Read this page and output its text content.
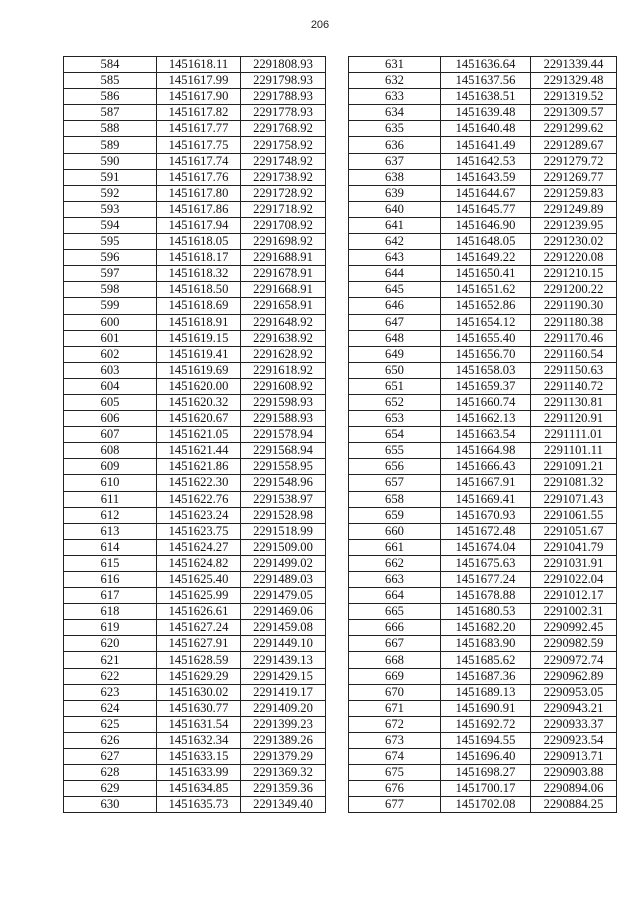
206
584	1451618.11	2291808.93
585	1451617.99	2291798.93
586	1451617.90	2291788.93
587	1451617.82	2291778.93
588	1451617.77	2291768.92
589	1451617.75	2291758.92
590	1451617.74	2291748.92
591	1451617.76	2291738.92
592	1451617.80	2291728.92
593	1451617.86	2291718.92
594	1451617.94	2291708.92
595	1451618.05	2291698.92
596	1451618.17	2291688.91
597	1451618.32	2291678.91
598	1451618.50	2291668.91
599	1451618.69	2291658.91
600	1451618.91	2291648.92
601	1451619.15	2291638.92
602	1451619.41	2291628.92
603	1451619.69	2291618.92
604	1451620.00	2291608.92
605	1451620.32	2291598.93
606	1451620.67	2291588.93
607	1451621.05	2291578.94
608	1451621.44	2291568.94
609	1451621.86	2291558.95
610	1451622.30	2291548.96
611	1451622.76	2291538.97
612	1451623.24	2291528.98
613	1451623.75	2291518.99
614	1451624.27	2291509.00
615	1451624.82	2291499.02
616	1451625.40	2291489.03
617	1451625.99	2291479.05
618	1451626.61	2291469.06
619	1451627.24	2291459.08
620	1451627.91	2291449.10
621	1451628.59	2291439.13
622	1451629.29	2291429.15
623	1451630.02	2291419.17
624	1451630.77	2291409.20
625	1451631.54	2291399.23
626	1451632.34	2291389.26
627	1451633.15	2291379.29
628	1451633.99	2291369.32
629	1451634.85	2291359.36
630	1451635.73	2291349.40
631	1451636.64	2291339.44
632	1451637.56	2291329.48
633	1451638.51	2291319.52
634	1451639.48	2291309.57
635	1451640.48	2291299.62
636	1451641.49	2291289.67
637	1451642.53	2291279.72
638	1451643.59	2291269.77
639	1451644.67	2291259.83
640	1451645.77	2291249.89
641	1451646.90	2291239.95
642	1451648.05	2291230.02
643	1451649.22	2291220.08
644	1451650.41	2291210.15
645	1451651.62	2291200.22
646	1451652.86	2291190.30
647	1451654.12	2291180.38
648	1451655.40	2291170.46
649	1451656.70	2291160.54
650	1451658.03	2291150.63
651	1451659.37	2291140.72
652	1451660.74	2291130.81
653	1451662.13	2291120.91
654	1451663.54	2291111.01
655	1451664.98	2291101.11
656	1451666.43	2291091.21
657	1451667.91	2291081.32
658	1451669.41	2291071.43
659	1451670.93	2291061.55
660	1451672.48	2291051.67
661	1451674.04	2291041.79
662	1451675.63	2291031.91
663	1451677.24	2291022.04
664	1451678.88	2291012.17
665	1451680.53	2291002.31
666	1451682.20	2290992.45
667	1451683.90	2290982.59
668	1451685.62	2290972.74
669	1451687.36	2290962.89
670	1451689.13	2290953.05
671	1451690.91	2290943.21
672	1451692.72	2290933.37
673	1451694.55	2290923.54
674	1451696.40	2290913.71
675	1451698.27	2290903.88
676	1451700.17	2290894.06
677	1451702.08	2290884.25
